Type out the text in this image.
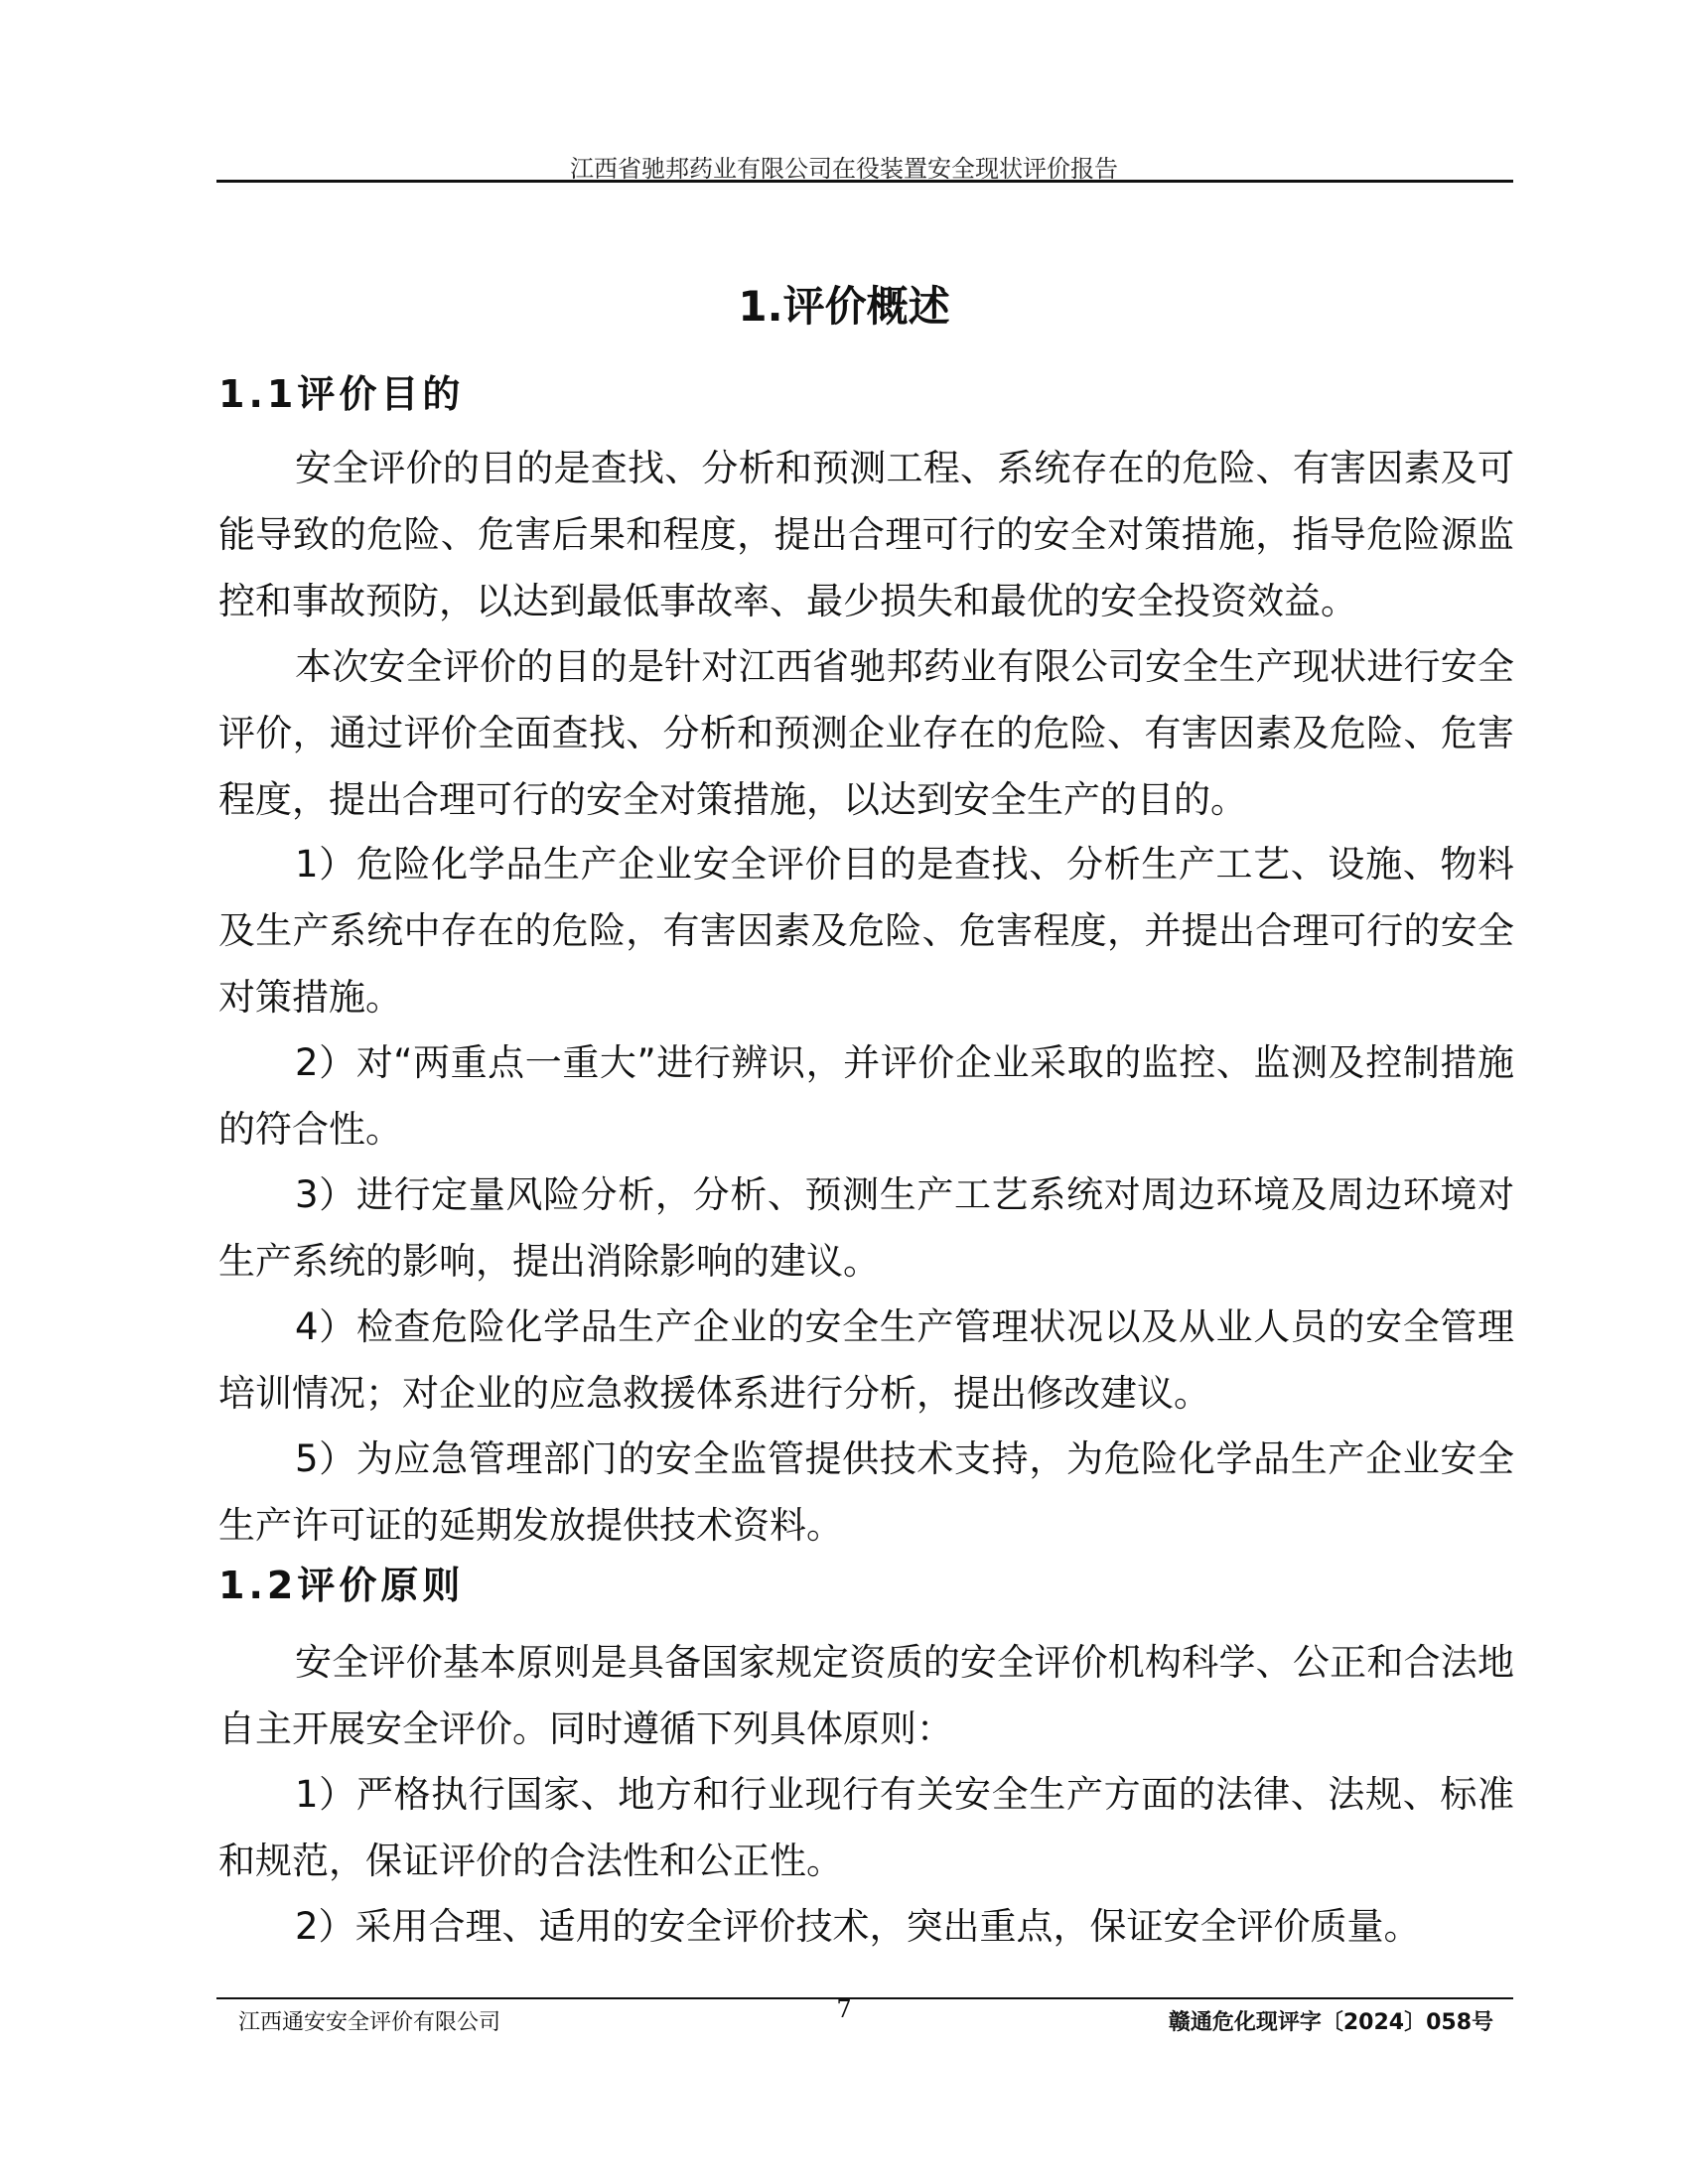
江西省驰邦药业有限公司在役装置安全现状评价报告
1.评价概述
1.1评价目的

安全评价的目的是查找、分析和预测工程、系统存在的危险、有害因素及可能导致的危险、危害后果和程度，提出合理可行的安全对策措施，指导危险源监控和事故预防，以达到最低事故率、最少损失和最优的安全投资效益。

本次安全评价的目的是针对江西省驰邦药业有限公司安全生产现状进行安全评价，通过评价全面查找、分析和预测企业存在的危险、有害因素及危险、危害程度，提出合理可行的安全对策措施，以达到安全生产的目的。

1）危险化学品生产企业安全评价目的是查找、分析生产工艺、设施、物料及生产系统中存在的危险，有害因素及危险、危害程度，并提出合理可行的安全对策措施。

2）对“两重点一重大”进行辨识，并评价企业采取的监控、监测及控制措施的符合性。

3）进行定量风险分析，分析、预测生产工艺系统对周边环境及周边环境对生产系统的影响，提出消除影响的建议。

4）检查危险化学品生产企业的安全生产管理状况以及从业人员的安全管理培训情况；对企业的应急救援体系进行分析，提出修改建议。

5）为应急管理部门的安全监管提供技术支持，为危险化学品生产企业安全生产许可证的延期发放提供技术资料。

1.2评价原则

安全评价基本原则是具备国家规定资质的安全评价机构科学、公正和合法地自主开展安全评价。同时遵循下列具体原则：

1）严格执行国家、地方和行业现行有关安全生产方面的法律、法规、标准和规范，保证评价的合法性和公正性。

2）采用合理、适用的安全评价技术，突出重点，保证安全评价质量。

江西通安安全评价有限公司	7	赣通危化现评字〔2024〕058号
